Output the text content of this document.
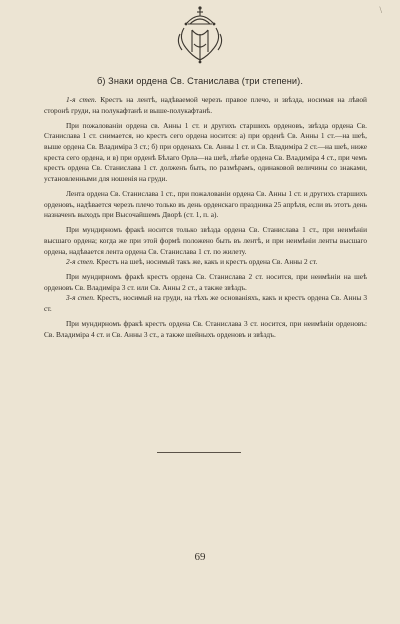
\
б) Знаки ордена Св. Станислава (три степени).

1-я степ. Крестъ на лентѣ, надѣваемой черезъ правое плечо, и звѣзда, носимая на лѣвой сторонѣ груди, на полукафтанѣ и выше-полукафтанѣ.

При пожалованіи ордена св. Анны 1 ст. и другихъ старшихъ орденовъ, звѣзда ордена Св. Станислава 1 ст. снимается, но крестъ сего ордена носится: а) при орденѣ Св. Анны 1 ст.—на шеѣ, выше ордена Св. Владиміра 3 ст.; б) при орденахъ Св. Анны 1 ст. и Св. Владиміра 2 ст.—на шеѣ, ниже креста сего ордена, и в) при орденѣ Бѣлаго Орла—на шеѣ, лѣвѣе ордена Св. Владиміра 4 ст., при чемъ крестъ ордена Св. Станислава 1 ст. долженъ быть, по размѣрамъ, одинаковой величины со знаками, установленными для ношенія на груди.

Лента ордена Св. Станислава 1 ст., при пожалованіи ордена Св. Анны 1 ст. и другихъ старшихъ орденовъ, надѣвается черезъ плечо только въ день орденскаго праздника 25 апрѣля, если въ этотъ день назначенъ выходъ при Высочайшемъ Дворѣ (ст. 1, п. а).

При мундирномъ фракѣ носится только звѣзда ордена Св. Станислава 1 ст., при неимѣніи высшаго ордена; когда же при этой формѣ положено быть въ лентѣ, и при неимѣніи ленты высшаго ордена, надѣвается лента ордена Св. Станислава 1 ст. по жилету.

2-я степ. Крестъ на шеѣ, носимый такъ же, какъ и крестъ ордена Св. Анны 2 ст.

При мундирномъ фракѣ крестъ ордена Св. Станислава 2 ст. носится, при неимѣніи на шеѣ орденовъ Св. Владиміра 3 ст. или Св. Анны 2 ст., а также звѣздъ.

3-я степ. Крестъ, носимый на груди, на тѣхъ же основаніяхъ, какъ и крестъ ордена Св. Анны 3 ст.

При мундирномъ фракѣ крестъ ордена Св. Станислава 3 ст. носится, при неимѣніи орденовъ: Св. Владиміра 4 ст. и Св. Анны 3 ст., а также шейныхъ орденовъ и звѣздъ.

69
